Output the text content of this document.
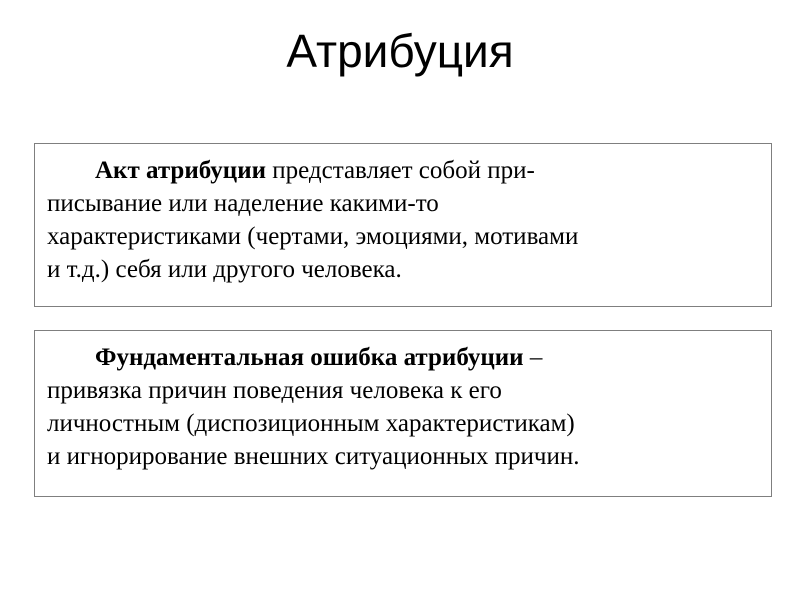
Атрибуция
Акт атрибуции представляет собой при-
писывание или наделение какими-то
характеристиками (чертами, эмоциями, мотивами
и т.д.) себя или другого человека.
Фундаментальная ошибка атрибуции –
привязка причин поведения человека к его
личностным (диспозиционным характеристикам)
и игнорирование внешних ситуационных причин.
